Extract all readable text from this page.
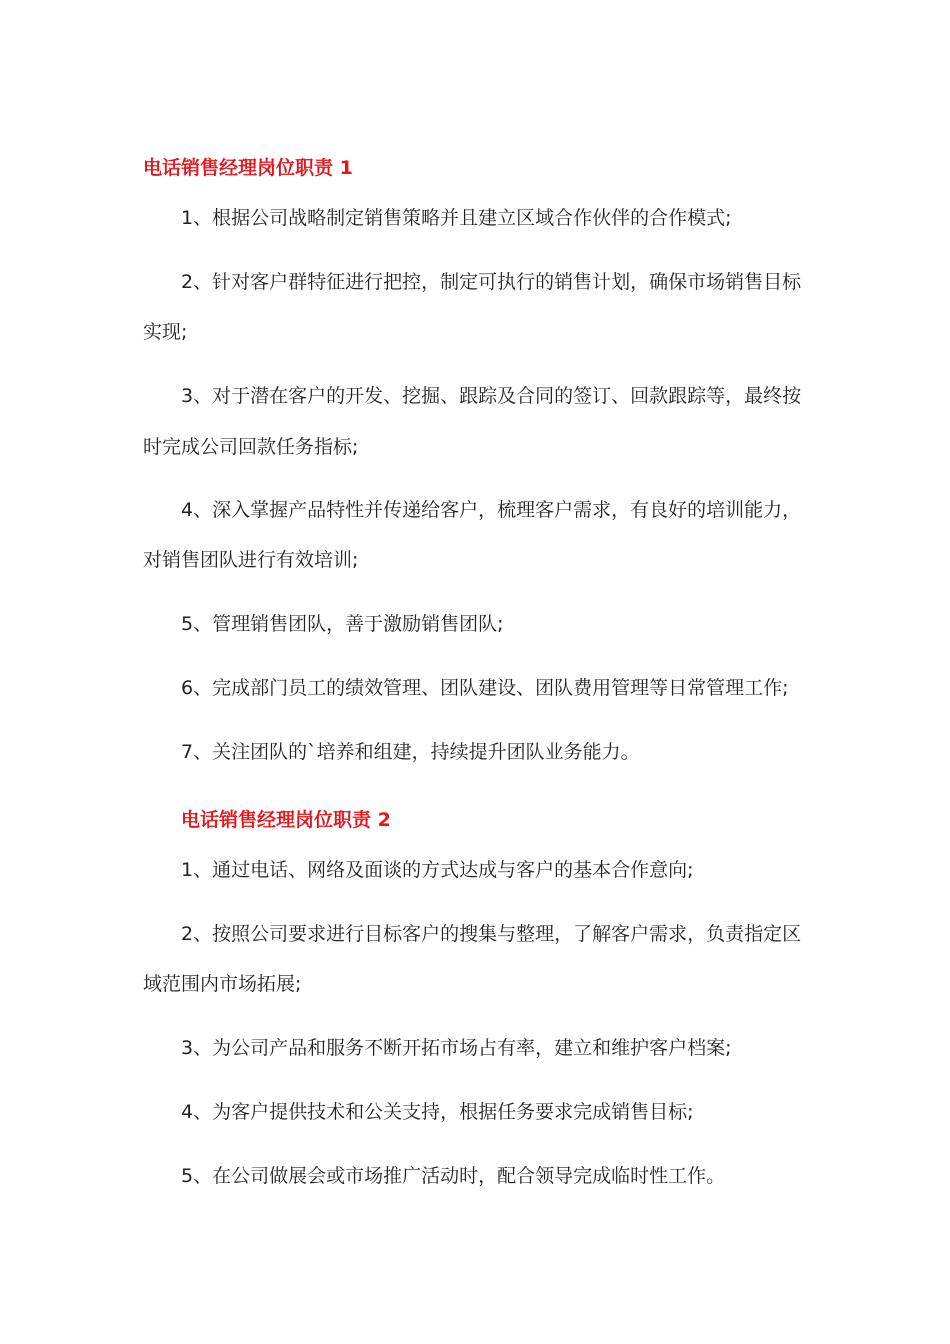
电话销售经理岗位职责 1
1、根据公司战略制定销售策略并且建立区域合作伙伴的合作模式;
2、针对客户群特征进行把控，制定可执行的销售计划，确保市场销售目标
实现;
3、对于潜在客户的开发、挖掘、跟踪及合同的签订、回款跟踪等，最终按
时完成公司回款任务指标;
4、深入掌握产品特性并传递给客户，梳理客户需求，有良好的培训能力，
对销售团队进行有效培训;
5、管理销售团队，善于激励销售团队;
6、完成部门员工的绩效管理、团队建设、团队费用管理等日常管理工作;
7、关注团队的`培养和组建，持续提升团队业务能力。
电话销售经理岗位职责 2
1、通过电话、网络及面谈的方式达成与客户的基本合作意向;
2、按照公司要求进行目标客户的搜集与整理，了解客户需求，负责指定区
域范围内市场拓展;
3、为公司产品和服务不断开拓市场占有率，建立和维护客户档案;
4、为客户提供技术和公关支持，根据任务要求完成销售目标;
5、在公司做展会或市场推广活动时，配合领导完成临时性工作。
